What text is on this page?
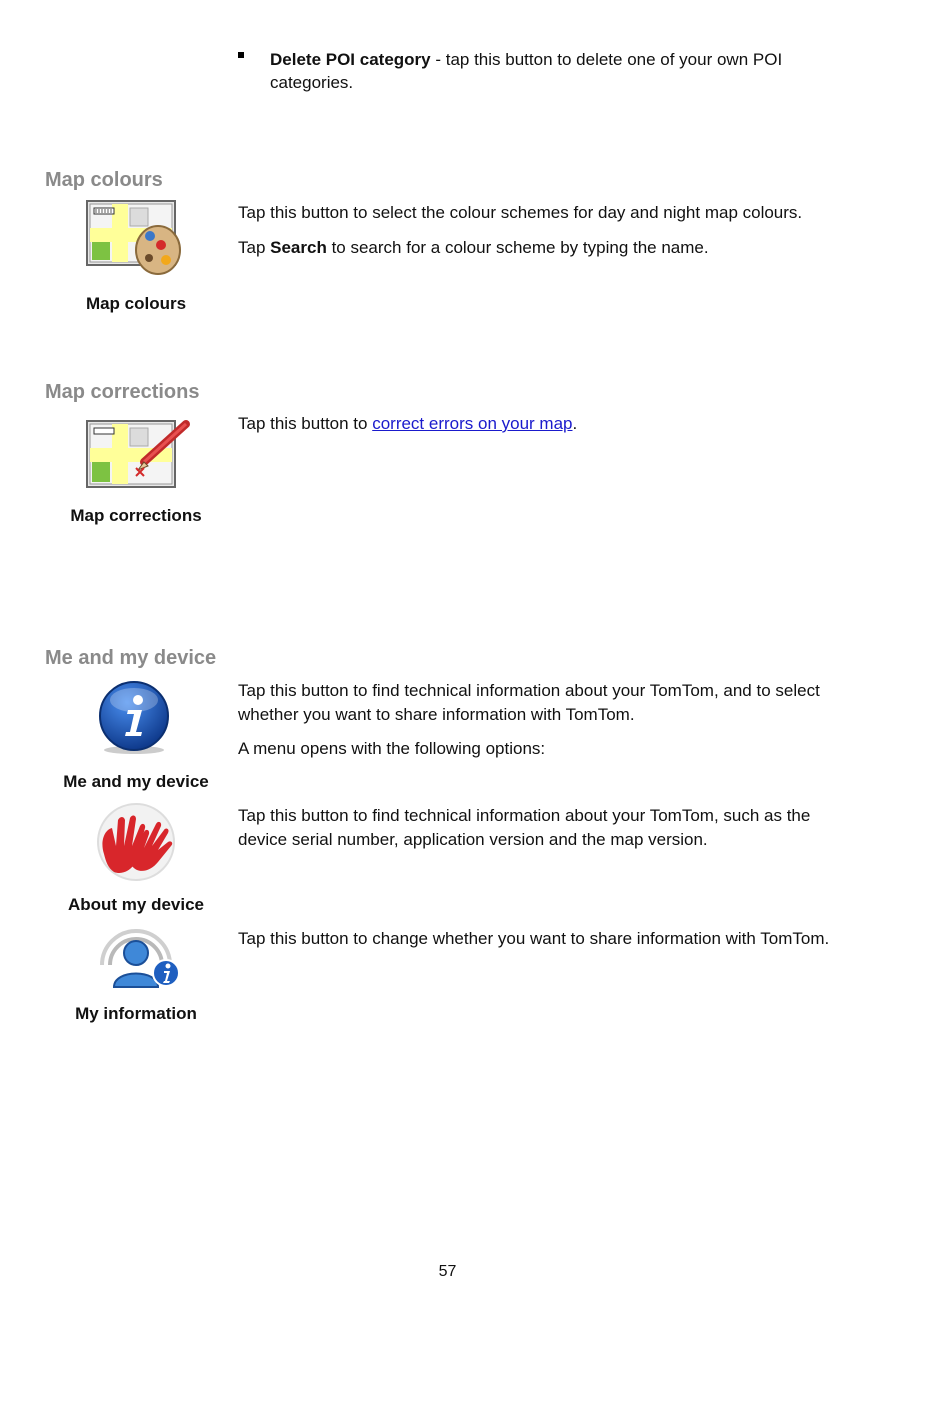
Delete POI category - tap this button to delete one of your own POI categories.
Map colours
Map colours

Tap this button to select the colour schemes for day and night map colours.

Tap Search to search for a colour scheme by typing the name.

Map corrections
Map corrections

Tap this button to correct errors on your map.

Me and my device
Me and my device

Tap this button to find technical information about your TomTom, and to select whether you want to share information with TomTom.

A menu opens with the following options:

About my device

Tap this button to find technical information about your TomTom, such as the device serial number, application version and the map version.

My information

Tap this button to change whether you want to share information with TomTom.

57
